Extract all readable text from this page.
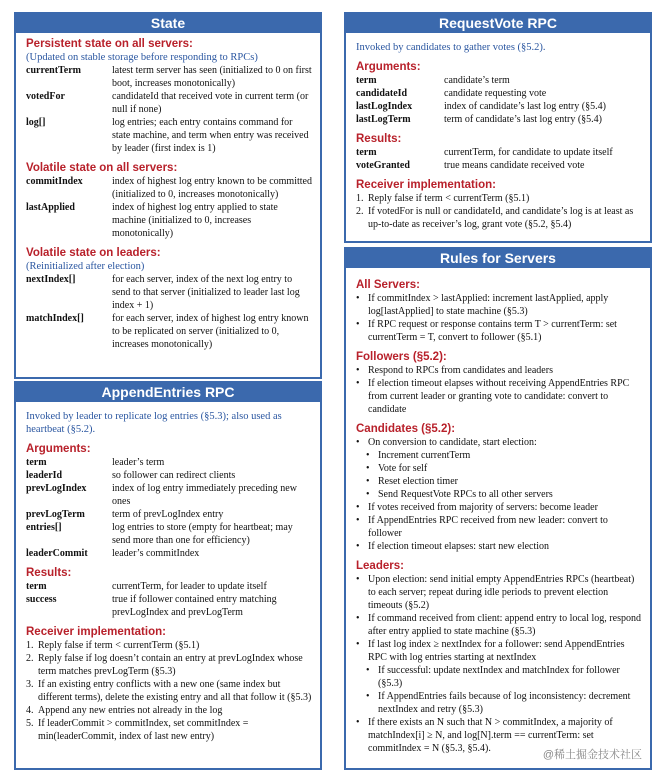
State

Persistent state on all servers:

(Updated on stable storage before responding to RPCs)
currentTerm	latest term server has seen (initialized to 0 on first boot, increases monotonically)
votedFor	candidateId that received vote in current term (or null if none)
log[]	log entries; each entry contains command for state machine, and term when entry was received by leader (first index is 1)

Volatile state on all servers:

commitIndex	index of highest log entry known to be committed (initialized to 0, increases monotonically)
lastApplied	index of highest log entry applied to state machine (initialized to 0, increases monotonically)

Volatile state on leaders:

(Reinitialized after election)
nextIndex[]	for each server, index of the next log entry to send to that server (initialized to leader last log index + 1)
matchIndex[]	for each server, index of highest log entry known to be replicated on server (initialized to 0, increases monotonically)
AppendEntries RPC
Invoked by leader to replicate log entries (§5.3); also used as heartbeat (§5.2).

Arguments:

term	leader’s term
leaderId	so follower can redirect clients
prevLogIndex	index of log entry immediately preceding new ones
prevLogTerm	term of prevLogIndex entry
entries[]	log entries to store (empty for heartbeat; may send more than one for efficiency)
leaderCommit	leader’s commitIndex

Results:

term	currentTerm, for leader to update itself
success	true if follower contained entry matching prevLogIndex and prevLogTerm

Receiver implementation:

1. Reply false if term < currentTerm (§5.1)
2. Reply false if log doesn’t contain an entry at prevLogIndex whose term matches prevLogTerm (§5.3)
3. If an existing entry conflicts with a new one (same index but different terms), delete the existing entry and all that follow it (§5.3)
4. Append any new entries not already in the log
5. If leaderCommit > commitIndex, set commitIndex = min(leaderCommit, index of last new entry)
RequestVote RPC
Invoked by candidates to gather votes (§5.2).

Arguments:

term	candidate’s term
candidateId	candidate requesting vote
lastLogIndex	index of candidate’s last log entry (§5.4)
lastLogTerm	term of candidate’s last log entry (§5.4)

Results:

term	currentTerm, for candidate to update itself
voteGranted	true means candidate received vote

Receiver implementation:

1. Reply false if term < currentTerm (§5.1)
2. If votedFor is null or candidateId, and candidate’s log is at least as up-to-date as receiver’s log, grant vote (§5.2, §5.4)
Rules for Servers

All Servers:

• If commitIndex > lastApplied: increment lastApplied, apply log[lastApplied] to state machine (§5.3)
• If RPC request or response contains term T > currentTerm: set currentTerm = T, convert to follower (§5.1)

Followers (§5.2):

• Respond to RPCs from candidates and leaders
• If election timeout elapses without receiving AppendEntries RPC from current leader or granting vote to candidate: convert to candidate

Candidates (§5.2):

• On conversion to candidate, start election:
• Increment currentTerm
• Vote for self
• Reset election timer
• Send RequestVote RPCs to all other servers
• If votes received from majority of servers: become leader
• If AppendEntries RPC received from new leader: convert to follower
• If election timeout elapses: start new election

Leaders:

• Upon election: send initial empty AppendEntries RPCs (heartbeat) to each server; repeat during idle periods to prevent election timeouts (§5.2)
• If command received from client: append entry to local log, respond after entry applied to state machine (§5.3)
• If last log index ≥ nextIndex for a follower: send AppendEntries RPC with log entries starting at nextIndex
• If successful: update nextIndex and matchIndex for follower (§5.3)
• If AppendEntries fails because of log inconsistency: decrement nextIndex and retry (§5.3)
• If there exists an N such that N > commitIndex, a majority of matchIndex[i] ≥ N, and log[N].term == currentTerm: set commitIndex = N (§5.3, §5.4).
@稀土掘金技术社区
